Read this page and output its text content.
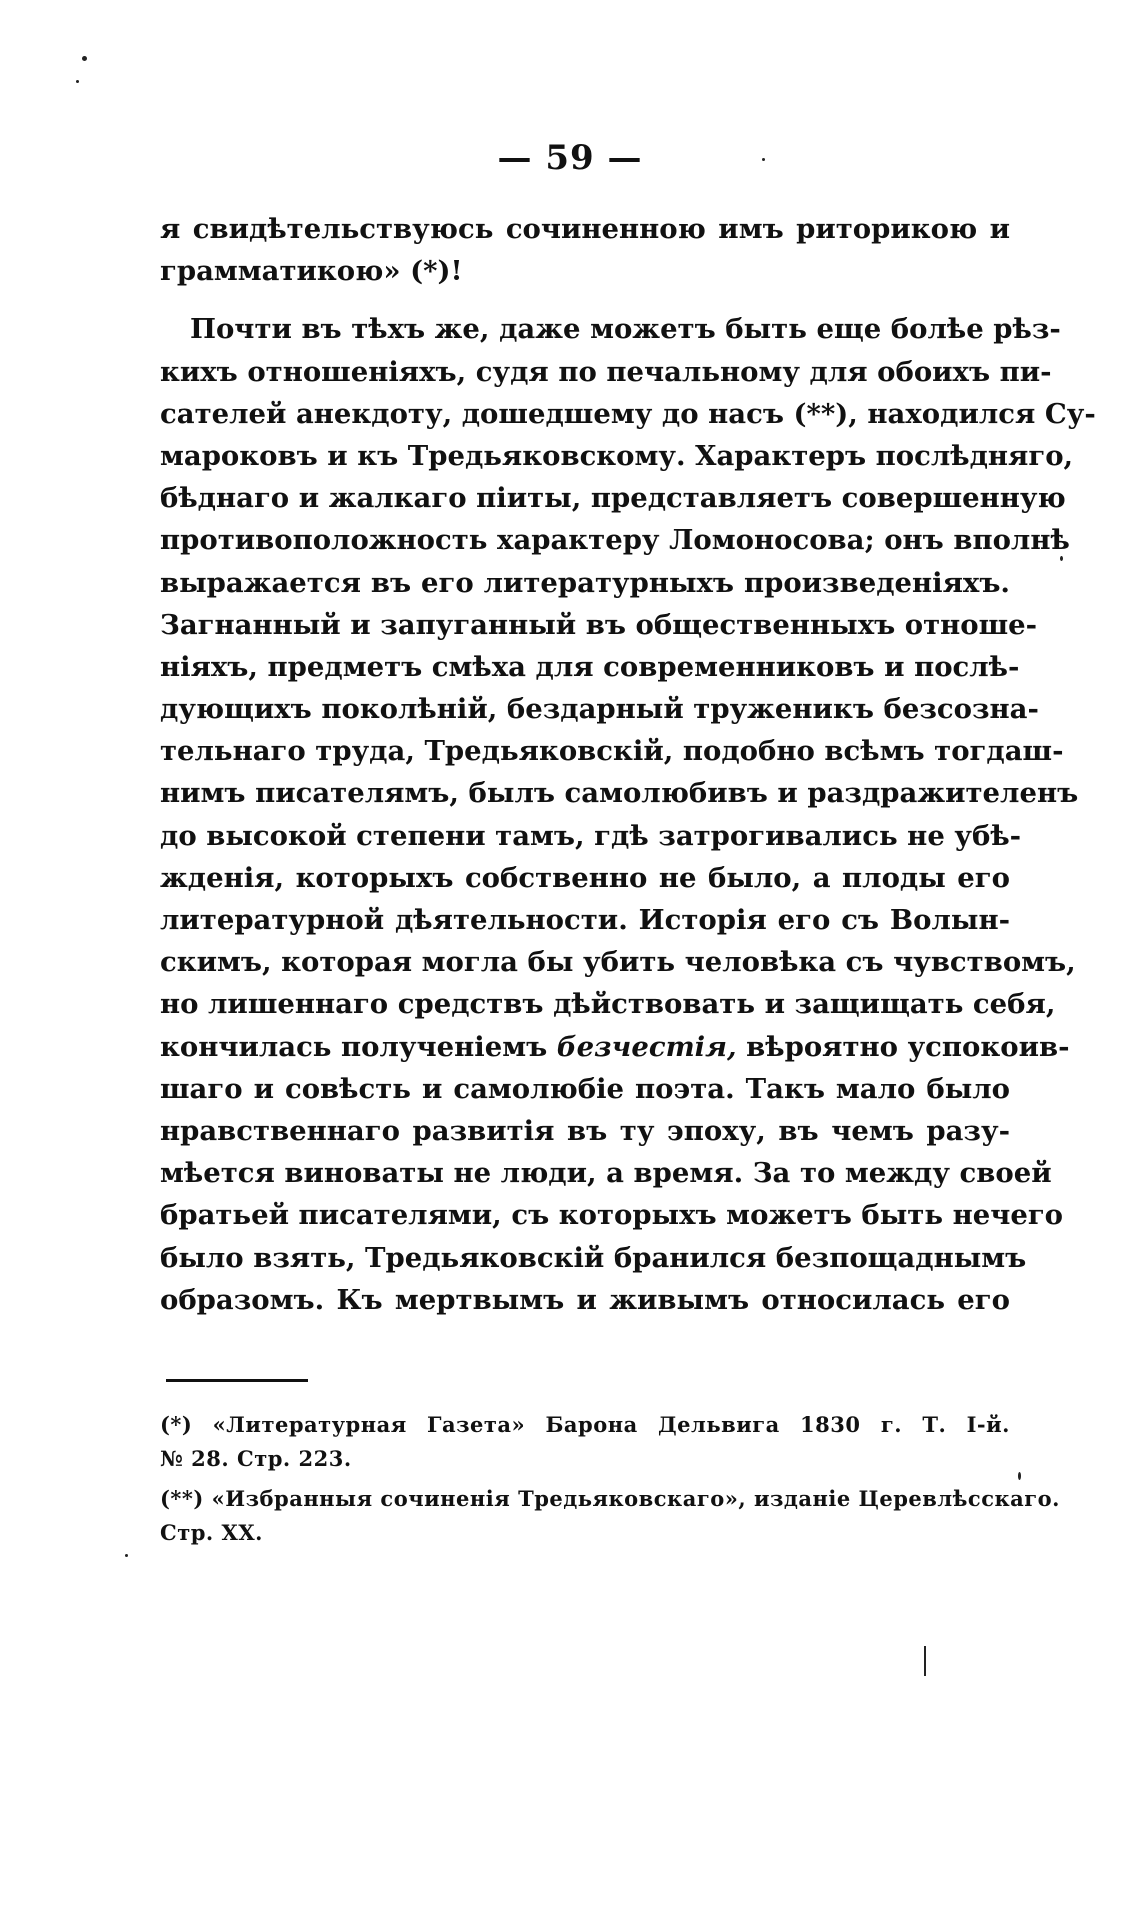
— 59 —
я свидѣтельствуюсь сочиненною имъ риторикою и
грамматикою» (*)!
Почти въ тѣхъ же, даже можетъ быть еще болѣе рѣз-
кихъ отношеніяхъ, судя по печальному для обоихъ пи-
сателей анекдоту, дошедшему до насъ (**), находился Су-
мароковъ и къ Тредьяковскому. Характеръ послѣдняго,
бѣднаго и жалкаго піиты, представляетъ совершенную
противоположность характеру Ломоносова; онъ вполнѣ
выражается въ его литературныхъ произведеніяхъ.
Загнанный и запуганный въ общественныхъ отноше-
ніяхъ, предметъ смѣха для современниковъ и послѣ-
дующихъ поколѣній, бездарный труженикъ безсозна-
тельнаго труда, Тредьяковскій, подобно всѣмъ тогдаш-
нимъ писателямъ, былъ самолюбивъ и раздражителенъ
до высокой степени тамъ, гдѣ затрогивались не убѣ-
жденія, которыхъ собственно не было, а плоды его
литературной дѣятельности. Исторія его съ Волын-
скимъ, которая могла бы убить человѣка съ чувствомъ,
но лишеннаго средствъ дѣйствовать и защищать себя,
кончилась полученіемъ безчестія, вѣроятно успокоив-
шаго и совѣсть и самолюбіе поэта. Такъ мало было
нравственнаго развитія въ ту эпоху, въ чемъ разу-
мѣется виноваты не люди, а время. За то между своей
братьей писателями, съ которыхъ можетъ быть нечего
было взять, Тредьяковскій бранился безпощаднымъ
образомъ. Къ мертвымъ и живымъ относилась его
(*) «Литературная Газета» Барона Дельвига 1830 г. Т. I-й.
№ 28. Стр. 223.
(**) «Избранныя сочиненія Тредьяковскаго», изданіе Церевлѣсскаго.
Стр. XX.
